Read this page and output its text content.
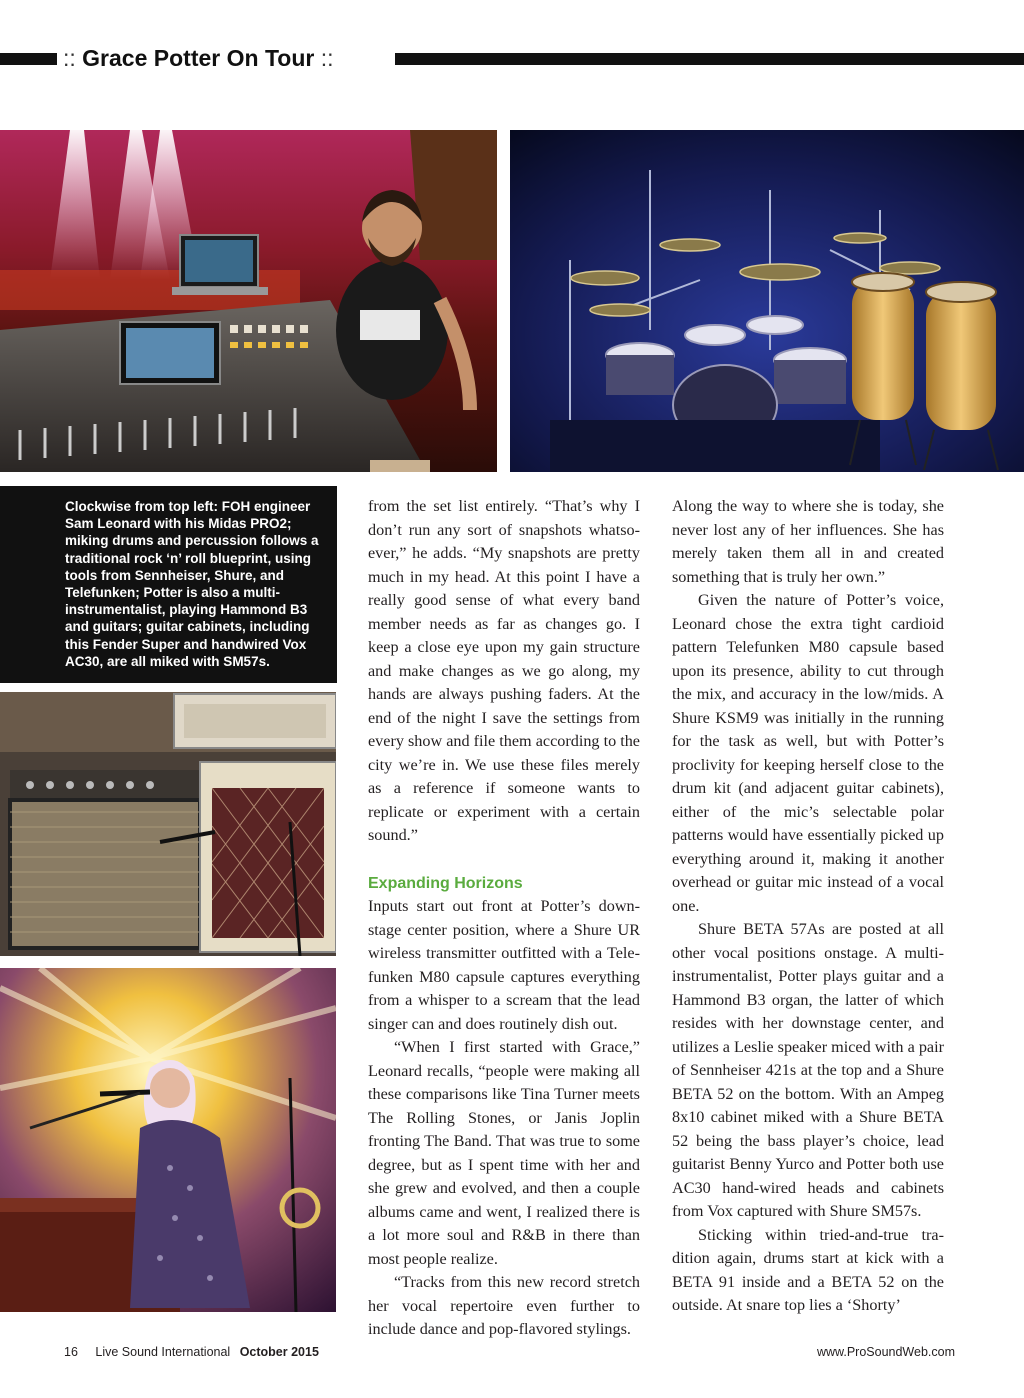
:: Grace Potter On Tour ::
Clockwise from top left: FOH engineer Sam Leonard with his Midas PRO2; miking drums and percussion follows a traditional rock ‘n’ roll blueprint, using tools from Sennheiser, Shure, and Telefunken; Potter is also a multi-instrumentalist, playing Hammond B3 and guitars; guitar cabinets, including this Fender Super and handwired Vox AC30, are all miked with SM57s.

from the set list entirely. “That’s why I don’t run any sort of snapshots whatsoever,” he adds. “My snapshots are pretty much in my head. At this point I have a really good sense of what every band member needs as far as changes go. I keep a close eye upon my gain structure and make changes as we go along, my hands are always pushing faders. At the end of the night I save the settings from every show and file them according to the city we’re in. We use these files merely as a reference if someone wants to replicate or experiment with a certain sound.”

Expanding Horizons

Inputs start out front at Potter’s downstage center position, where a Shure UR wireless transmitter outfitted with a Telefunken M80 capsule captures everything from a whisper to a scream that the lead singer can and does routinely dish out.

“When I first started with Grace,” Leonard recalls, “people were making all these comparisons like Tina Turner meets The Rolling Stones, or Janis Joplin fronting The Band. That was true to some degree, but as I spent time with her and she grew and evolved, and then a couple albums came and went, I realized there is a lot more soul and R&B in there than most people realize.

“Tracks from this new record stretch her vocal repertoire even further to include dance and pop-flavored stylings.

Along the way to where she is today, she never lost any of her influences. She has merely taken them all in and created something that is truly her own.”

Given the nature of Potter’s voice, Leonard chose the extra tight cardioid pattern Telefunken M80 capsule based upon its presence, ability to cut through the mix, and accuracy in the low/mids. A Shure KSM9 was initially in the running for the task as well, but with Potter’s proclivity for keeping herself close to the drum kit (and adjacent guitar cabinets), either of the mic’s selectable polar patterns would have essentially picked up everything around it, making it another overhead or guitar mic instead of a vocal one.

Shure BETA 57As are posted at all other vocal positions onstage. A multiinstrumentalist, Potter plays guitar and a Hammond B3 organ, the latter of which resides with her downstage center, and utilizes a Leslie speaker miced with a pair of Sennheiser 421s at the top and a Shure BETA 52 on the bottom. With an Ampeg 8x10 cabinet miked with a Shure BETA 52 being the bass player’s choice, lead guitarist Benny Yurco and Potter both use AC30 hand-wired heads and cabinets from Vox captured with Shure SM57s.

Sticking within tried-and-true tradition again, drums start at kick with a BETA 91 inside and a BETA 52 on the outside. At snare top lies a ‘Shorty’

16 Live Sound International October 2015	www.ProSoundWeb.com
